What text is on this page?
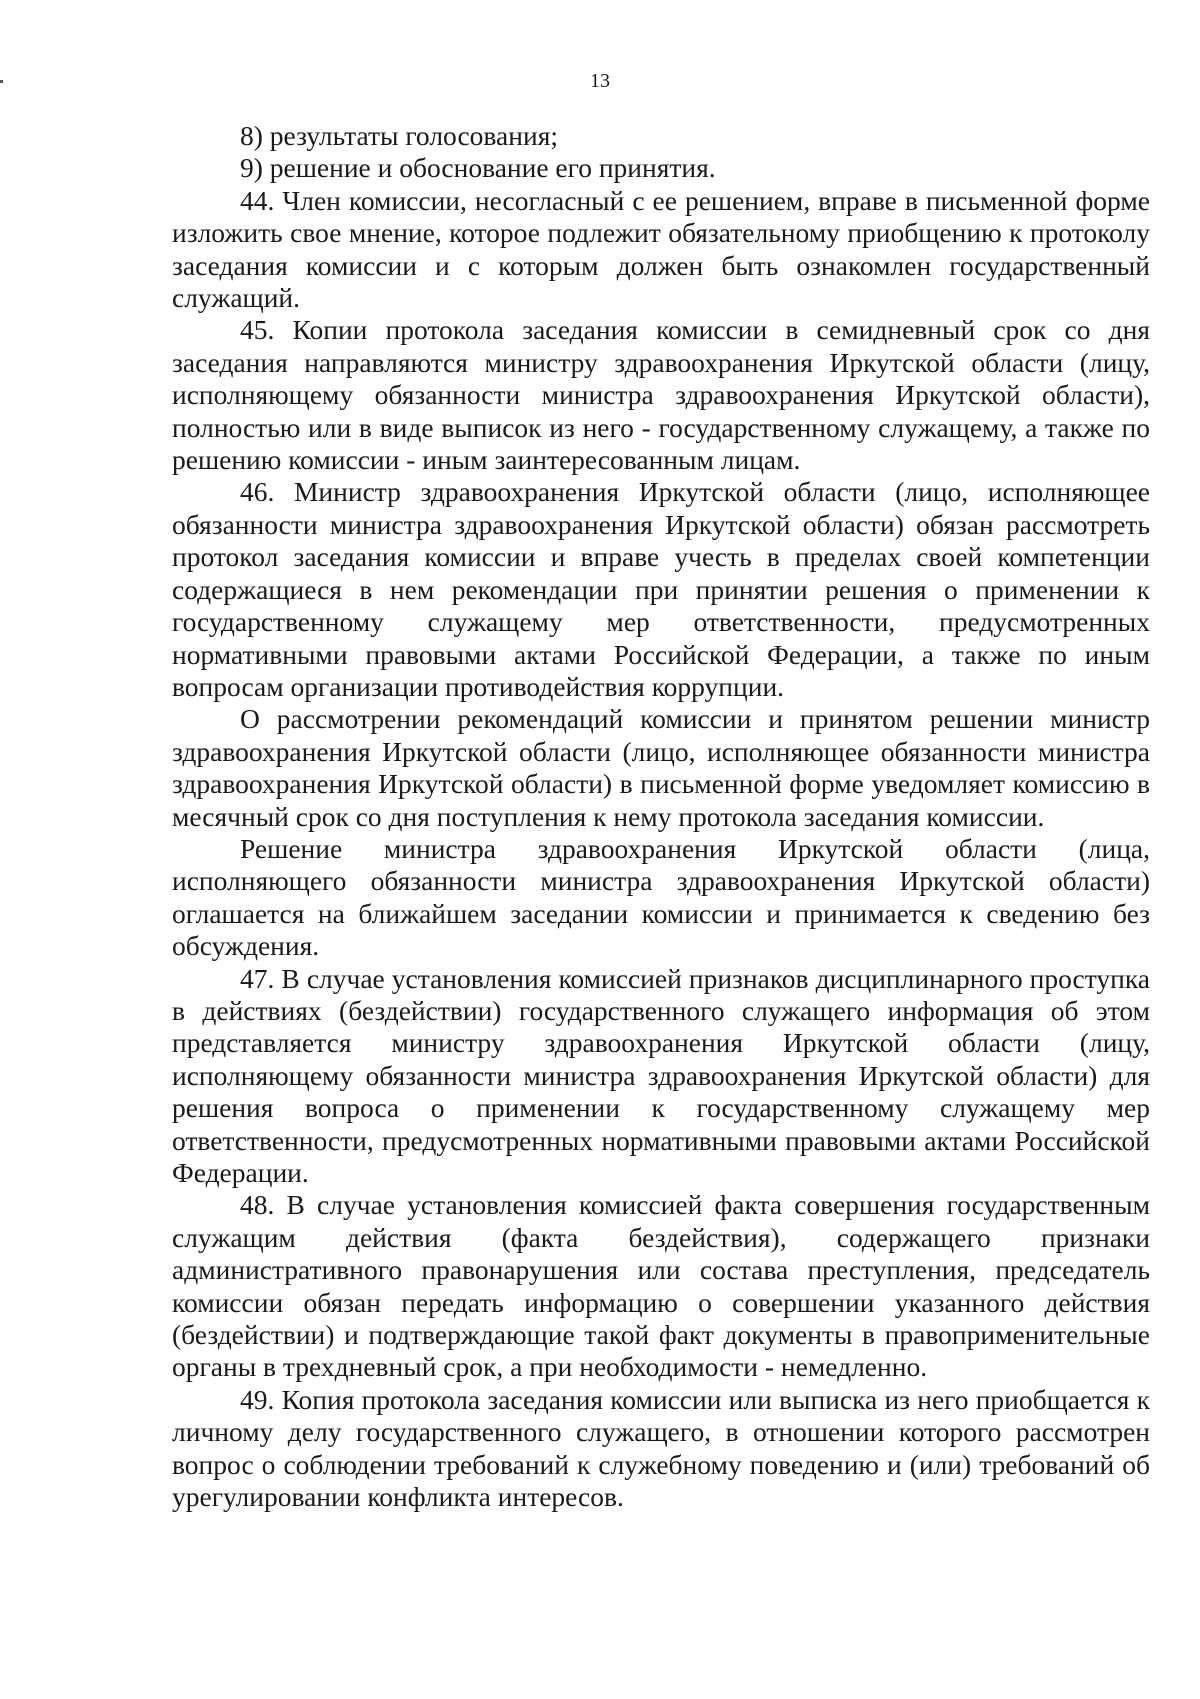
13

8) результаты голосования;

9) решение и обоснование его принятия.

44. Член комиссии, несогласный с ее решением, вправе в письменной форме изложить свое мнение, которое подлежит обязательному приобщению к протоколу заседания комиссии и с которым должен быть ознакомлен государственный служащий.

45. Копии протокола заседания комиссии в семидневный срок со дня заседания направляются министру здравоохранения Иркутской области (лицу, исполняющему обязанности министра здравоохранения Иркутской области), полностью или в виде выписок из него - государственному служащему, а также по решению комиссии - иным заинтересованным лицам.

46. Министр здравоохранения Иркутской области (лицо, исполняющее обязанности министра здравоохранения Иркутской области) обязан рассмотреть протокол заседания комиссии и вправе учесть в пределах своей компетенции содержащиеся в нем рекомендации при принятии решения о применении к государственному служащему мер ответственности, предусмотренных нормативными правовыми актами Российской Федерации, а также по иным вопросам организации противодействия коррупции.

О рассмотрении рекомендаций комиссии и принятом решении министр здравоохранения Иркутской области (лицо, исполняющее обязанности министра здравоохранения Иркутской области) в письменной форме уведомляет комиссию в месячный срок со дня поступления к нему протокола заседания комиссии.

Решение министра здравоохранения Иркутской области (лица, исполняющего обязанности министра здравоохранения Иркутской области) оглашается на ближайшем заседании комиссии и принимается к сведению без обсуждения.

47. В случае установления комиссией признаков дисциплинарного проступка в действиях (бездействии) государственного служащего информация об этом представляется министру здравоохранения Иркутской области (лицу, исполняющему обязанности министра здравоохранения Иркутской области) для решения вопроса о применении к государственному служащему мер ответственности, предусмотренных нормативными правовыми актами Российской Федерации.

48. В случае установления комиссией факта совершения государственным служащим действия (факта бездействия), содержащего признаки административного правонарушения или состава преступления, председатель комиссии обязан передать информацию о совершении указанного действия (бездействии) и подтверждающие такой факт документы в правоприменительные органы в трехдневный срок, а при необходимости - немедленно.

49. Копия протокола заседания комиссии или выписка из него приобщается к личному делу государственного служащего, в отношении которого рассмотрен вопрос о соблюдении требований к служебному поведению и (или) требований об урегулировании конфликта интересов.
